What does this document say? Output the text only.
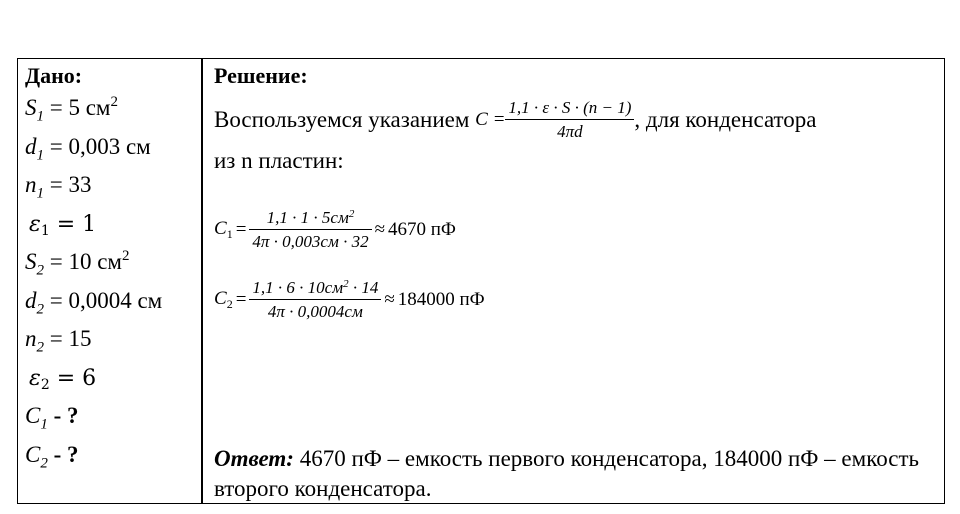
Дано:
$S_1 = 5$ $см^2$
$d_1 = 0,003$ см
$n_1 = 33$
$\varepsilon_1 = 1$
$S_2 = 10$ $см^2$
$d_2 = 0,0004$ см
$n_2 = 15$
$\varepsilon_2 = 6$
$C_1$ - ?
$C_2$ - ?
Решение:
Воспользуемся указанием $C = \frac{1,1 \cdot \varepsilon \cdot S \cdot (n - 1)}{4\pi d}$ , для конденсатора
из n пластин:
$C_1 = \frac{1,1 \cdot 1 \cdot 5см^2}{4\pi \cdot 0,003см \cdot 32} \approx 4670$ пФ
$C_2 = \frac{1,1 \cdot 6 \cdot 10см^2 \cdot 14}{4\pi \cdot 0,0004см} \approx 184000$ пФ
Ответ: 4670 пФ – емкость первого конденсатора, 184000 пФ – емкость второго конденсатора.
